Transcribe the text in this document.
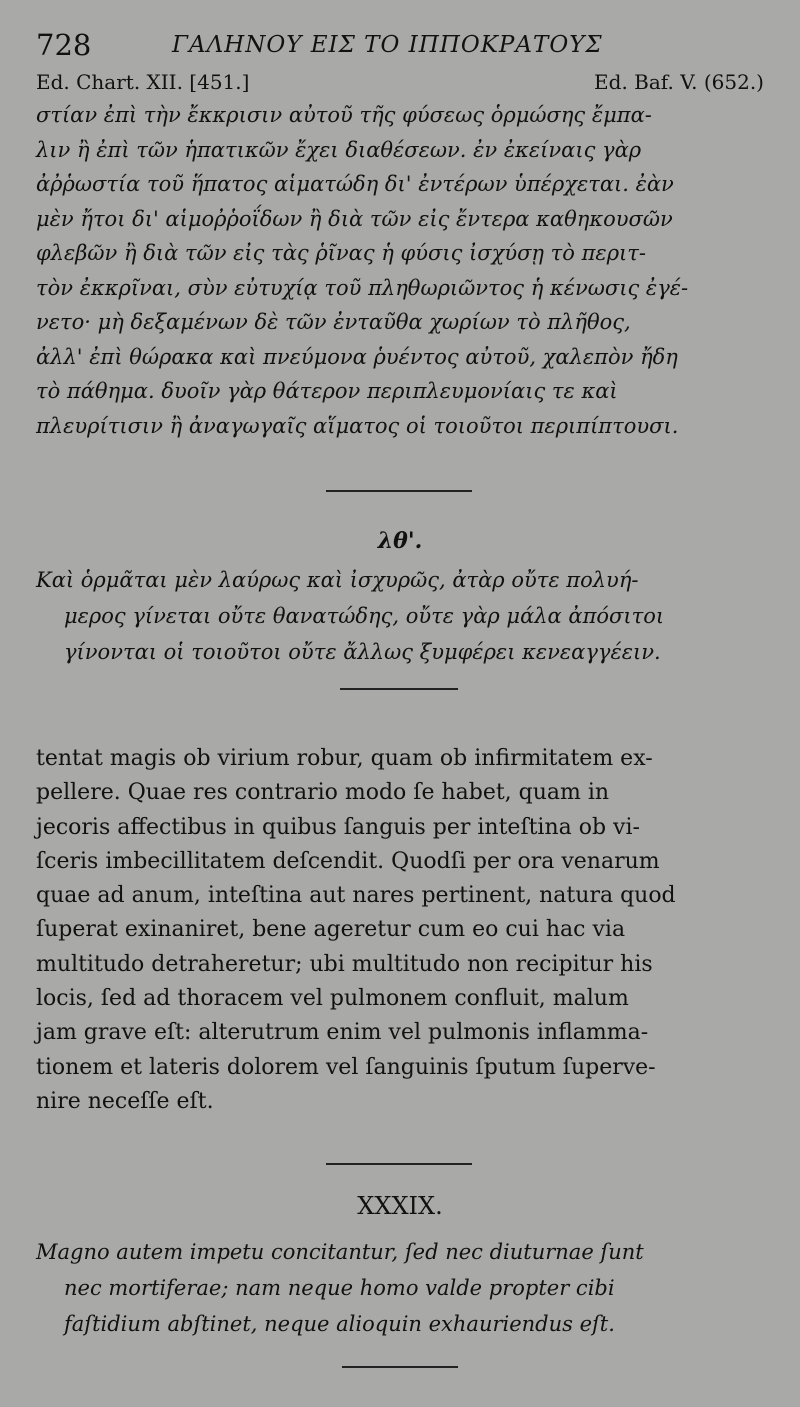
728	ΓΑΛΗΝΟΥ ΕΙΣ ΤΟ ΙΠΠΟΚΡΑΤΟΥΣ
Ed. Chart. XII. [451.]	Ed. Baf. V. (652.)
στίαν ἐπὶ τὴν ἔκκρισιν αὐτοῦ τῆς φύσεως ὁρμώσης ἔμπα-
λιν ἢ ἐπὶ τῶν ἡπατικῶν ἔχει διαθέσεων. ἐν ἐκείναις γὰρ
ἀῤῥωστία τοῦ ἥπατος αἱματώδη δι' ἐντέρων ὑπέρχεται. ἐὰν
μὲν ἤτοι δι' αἱμοῤῥοΐδων ἢ διὰ τῶν εἰς ἔντερα καθηκουσῶν
φλεβῶν ἢ διὰ τῶν εἰς τὰς ῥῖνας ἡ φύσις ἰσχύσῃ τὸ περιτ-
τὸν ἐκκρῖναι, σὺν εὐτυχίᾳ τοῦ πληθωριῶντος ἡ κένωσις ἐγέ-
νετο· μὴ δεξαμένων δὲ τῶν ἐνταῦθα χωρίων τὸ πλῆθος,
ἀλλ' ἐπὶ θώρακα καὶ πνεύμονα ῥυέντος αὐτοῦ, χαλεπὸν ἤδη
τὸ πάθημα. δυοῖν γὰρ θάτερον περιπλευμονίαις τε καὶ
πλευρίτισιν ἢ ἀναγωγαῖς αἵματος οἱ τοιοῦτοι περιπίπτουσι.
λθ'.
Καὶ ὁρμᾶται μὲν λαύρως καὶ ἰσχυρῶς, ἀτὰρ οὔτε πολυή-
μερος γίνεται οὔτε θανατώδης, οὔτε γὰρ μάλα ἀπόσιτοι
γίνονται οἱ τοιοῦτοι οὔτε ἄλλως ξυμφέρει κενεαγγέειν.
tentat magis ob virium robur, quam ob infirmitatem ex-
pellere. Quae res contrario modo ſe habet, quam in
jecoris affectibus in quibus ſanguis per inteſtina ob vi-
ſceris imbecillitatem deſcendit. Quodſi per ora venarum
quae ad anum, inteſtina aut nares pertinent, natura quod
ſuperat exinaniret, bene ageretur cum eo cui hac via
multitudo detraheretur; ubi multitudo non recipitur his
locis, ſed ad thoracem vel pulmonem confluit, malum
jam grave eſt: alterutrum enim vel pulmonis inflamma-
tionem et lateris dolorem vel ſanguinis ſputum ſuperve-
nire neceſſe eſt.
XXXIX.
Magno autem impetu concitantur, ſed nec diuturnae ſunt
nec mortiferae; nam neque homo valde propter cibi
faſtidium abſtinet, neque alioquin exhauriendus eſt.
